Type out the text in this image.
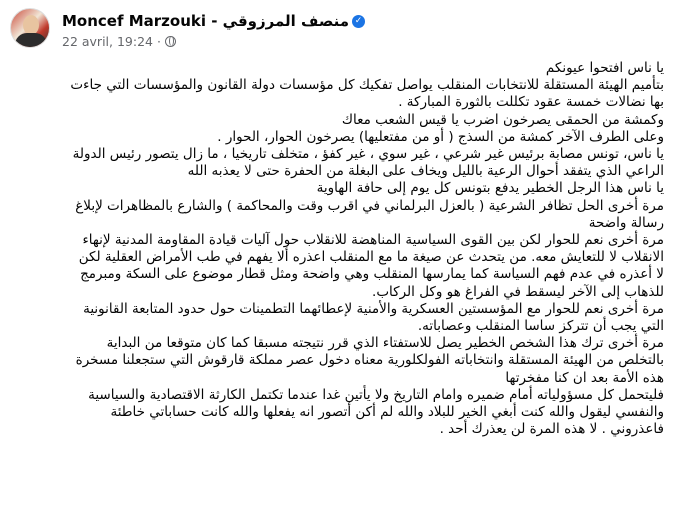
Moncef Marzouki - منصف المرزوقي ✓
22 avril, 19:24 ·

يا ناس افتحوا عيونكم

بتأميم الهيئة المستقلة للانتخابات المنقلب يواصل تفكيك كل مؤسسات دولة القانون والمؤسسات التي جاءت

بها نضالات خمسة عقود تكللت بالثورة المباركة .

وكمشة من الحمقى يصرخون اضرب يا قيس الشعب معاك

وعلى الطرف الآخر كمشة من السذج ( أو من مفتعليها) يصرخون الحوار، الحوار .

يا ناس، تونس مصابة برئيس غير شرعي ، غير سوي ، غير كفؤ ، متخلف تاريخيا ، ما زال يتصور رئيس الدولة

الراعي الذي يتفقد أحوال الرعية بالليل ويخاف على البغلة من الحفرة حتى لا يعذبه الله

يا ناس هذا الرجل الخطير يدفع بتونس كل يوم إلى حافة الهاوية

مرة أخرى الحل تظافر الشرعية ( بالعزل البرلماني في اقرب وقت والمحاكمة ) والشارع بالمظاهرات لإبلاغ

رسالة واضحة

مرة أخرى نعم للحوار لكن بين القوى السياسية المناهضة للانقلاب حول آليات قيادة المقاومة المدنية لإنهاء

الانقلاب لا للتعايش معه. من يتحدث عن صيغة ما مع المنقلب اعذره ألا يفهم في طب الأمراض العقلية لكن

لا أعذره في عدم فهم السياسة كما يمارسها المنقلب وهي واضحة ومثل قطار موضوع على السكة ومبرمج

للذهاب إلى الآخر ليسقط في الفراغ هو وكل الركاب.

مرة أخرى نعم للحوار مع المؤسستين العسكرية والأمنية لإعطائهما التطمينات حول حدود المتابعة القانونية

التي يجب أن تتركز ساسا المنقلب وعصاباته.

مرة أخرى ترك هذا الشخص الخطير يصل للاستفتاء الذي قرر نتيجته مسبقا كما كان متوقعا من البداية

بالتخلص من الهيئة المستقلة وانتخاباته الفولكلورية معناه دخول عصر مملكة قارقوش التي ستجعلنا مسخرة

هذه الأمة بعد ان كنا مفخرتها

فليتحمل كل مسؤولياته أمام ضميره وامام التاريخ ولا يأتين غدا عندما تكتمل الكارثة الاقتصادية والسياسية

والنفسي ليقول والله كنت أبغي الخير للبلاد والله لم أكن أتصور انه يفعلها والله كانت حساباتي خاطئة

فاعذروني . لا هذه المرة لن يعذرك أحد .
